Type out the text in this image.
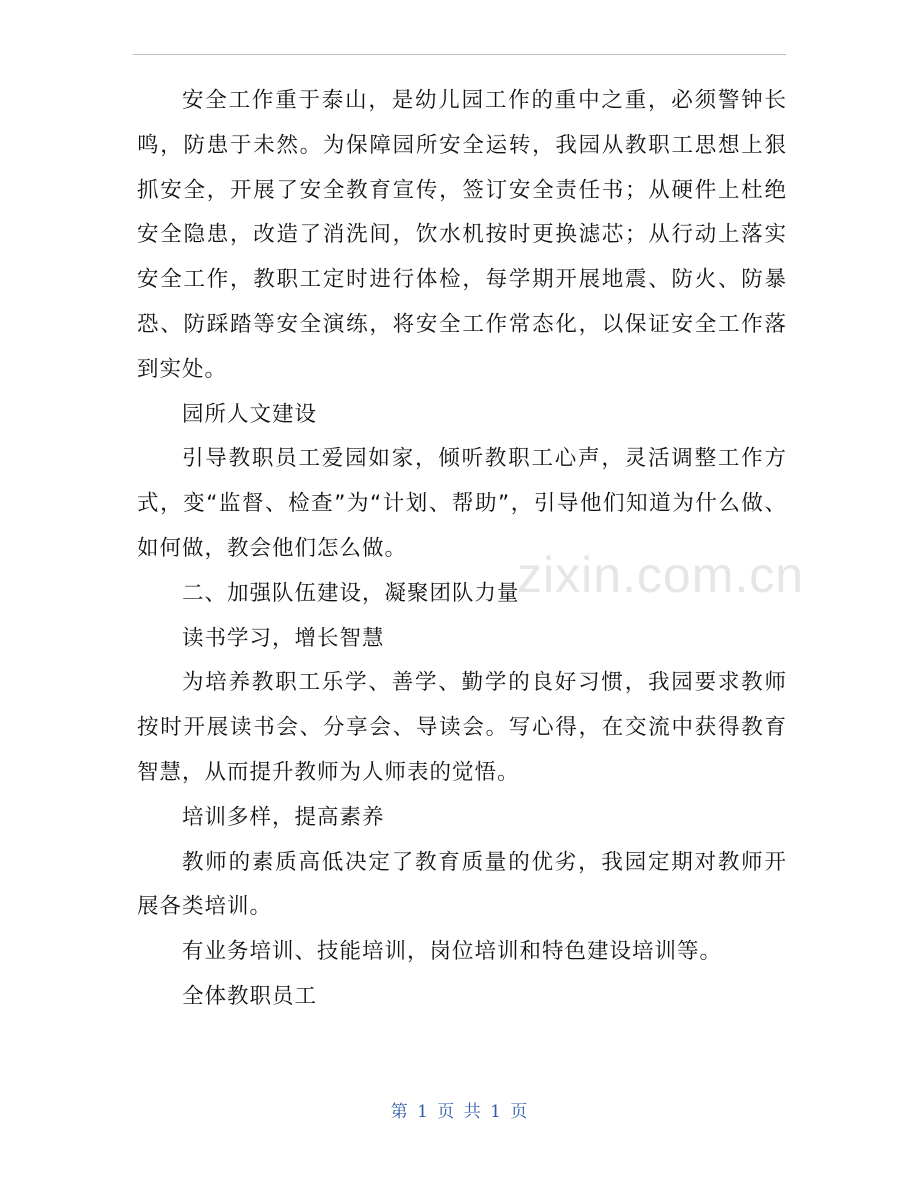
zixin.com.cn

安全工作重于泰山，是幼儿园工作的重中之重，必须警钟长鸣，防患于未然。为保障园所安全运转，我园从教职工思想上狠抓安全，开展了安全教育宣传，签订安全责任书；从硬件上杜绝安全隐患，改造了消洗间，饮水机按时更换滤芯；从行动上落实安全工作，教职工定时进行体检，每学期开展地震、防火、防暴恐、防踩踏等安全演练，将安全工作常态化，以保证安全工作落到实处。

园所人文建设

引导教职员工爱园如家，倾听教职工心声，灵活调整工作方式，变“监督、检查”为“计划、帮助”，引导他们知道为什么做、如何做，教会他们怎么做。

二、加强队伍建设，凝聚团队力量

读书学习，增长智慧

为培养教职工乐学、善学、勤学的良好习惯，我园要求教师按时开展读书会、分享会、导读会。写心得，在交流中获得教育智慧，从而提升教师为人师表的觉悟。

培训多样，提高素养

教师的素质高低决定了教育质量的优劣，我园定期对教师开展各类培训。

有业务培训、技能培训，岗位培训和特色建设培训等。

全体教职员工

第 1 页 共 1 页
